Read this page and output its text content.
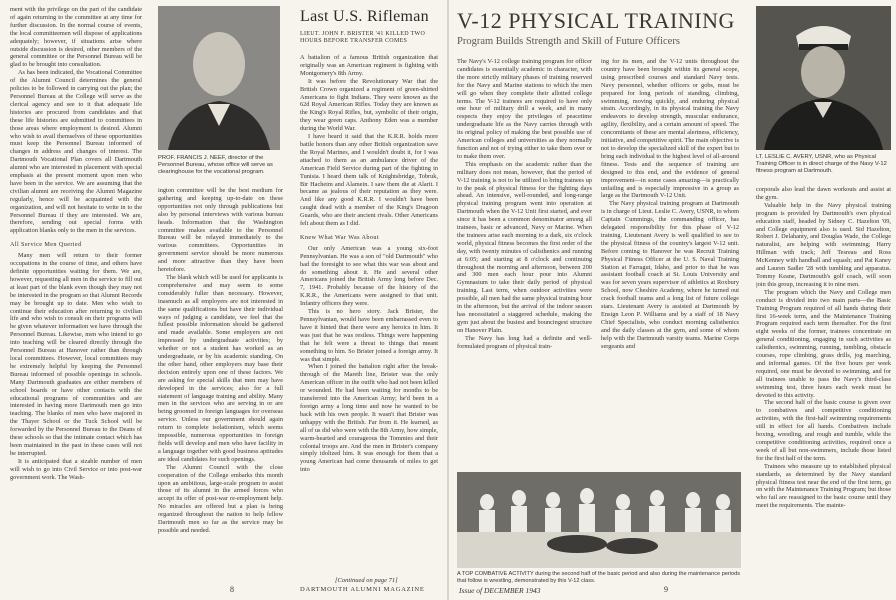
ment with the privilege on the part of the candidate of again returning to the committee at any time for further discussion. In the normal course of events, the local committeemen will dispose of applications adequately; however, if situations arise where outside discussion is desired, other members of the general committee or the Personnel Bureau will be glad to be brought into consultation.

As has been indicated, the Vocational Committee of the Alumni Council determines the general policies to be followed in carrying out the plan; the Personnel Bureau at the College will serve as the clerical agency and see to it that adequate life histories are procured from candidates and that these life histories are submitted to committees in those areas where employment is desired. Alumni who wish to avail themselves of these opportunities must keep the Personnel Bureau informed of changes in address and changes of interest. The Dartmouth Vocational Plan covers all Dartmouth alumni who are interested in placement with special emphasis at the present moment upon men who have been in the service. We are assuming that the civilian alumni are receiving the Alumni Magazine regularly, hence will be acquainted with the organization, and will not hesitate to write in to the Personnel Bureau if they are interested. We are, therefore, sending out special forms with application blanks only to the men in the services.

All Service Men Queried

Many men will return to their former occupations in the course of time, and others have definite opportunities waiting for them. We are, however, requesting all men in the service to fill out at least part of the blank even though they may not be interested in the program so that Alumni Records may be brought up to date. Men who wish to continue their education after returning to civilian life and who wish to consult on their programs will be given whatever information we have through the Personnel Bureau. Likewise, men who intend to go into teaching will be cleared directly through the Personnel Bureau at Hanover rather than through local committees. However, local committees may be extremely helpful by keeping the Personnel Bureau informed of possible openings in schools. Many Dartmouth graduates are either members of school boards or have other contacts with the educational programs of communities and are interested in having more Dartmouth men go into teaching. The blanks of men who have majored in the Thayer School or the Tuck School will be forwarded by the Personnel Bureau to the Deans of these schools so that the intimate contact which has been maintained in the past in these cases will not be interrupted.

It is anticipated that a sizable number of men will wish to go into Civil Service or into post-war government work. The Wash-

PROF. FRANCIS J. NEEF, director of the Personnel Bureau, whose office will serve as clearinghouse for the vocational program.

ington committee will be the best medium for gathering and keeping up-to-date on these opportunities not only through publications but also by personal interviews with various bureau heads. Information that the Washington committee makes available to the Personnel Bureau will be relayed immediately to the various committees. Opportunities in government service should be more numerous and more attractive than they have been heretofore.

The blank which will be used for applicants is comprehensive and may seem to some considerably fuller than necessary. However, inasmuch as all employers are not interested in the same qualifications but have their individual ways of judging a candidate, we feel that the fullest possible information should be gathered and made available. Some employers are not impressed by undergraduate activities; by whether or not a student has worked as an undergraduate, or by his academic standing. On the other hand, other employers may base their decision entirely upon one of these factors. We are asking for special skills that men may have developed in the services; also for a full statement of language training and ability. Many men in the services who are serving in or are being groomed in foreign languages for overseas service. Unless our government should again return to complete isolationism, which seems impossible, numerous opportunities in foreign fields will develop and men who have facility in a language together with good business aptitudes are ideal candidates for such openings.

The Alumni Council with the close cooperation of the College embarks this month upon an ambitious, large-scale program to assist those of its alumni in the armed forces who accept its offer of post-war re-employment help. No miracles are offered but a plan is being organized throughout the nation to help fellow Dartmouth men so far as the service may be possible and needed.

Last U.S. Rifleman
LIEUT. JOHN F. BRISTER '41 KILLED TWO HOURS BEFORE TRANSFER COMES

A battalion of a famous British organization that originally was an American regiment is fighting with Montgomery's 8th Army.

It was before the Revolutionary War that the British Crown organized a regiment of green-shirted Americans to fight Indians. They were known as the 62d Royal American Rifles. Today they are known as the King's Royal Rifles, but, symbolic of their origin, they wear green caps. Anthony Eden was a member during the World War.

I have heard it said that the K.R.R. holds more battle honors than any other British organization save the Royal Marines, and I wouldn't doubt it, for I was attached to them as an ambulance driver of the American Field Service during part of the fighting in Tunisia. I heard them talk of Knightsbridge, Tobruk, Bir Hacheim and Alamein. I saw them die at Alarit. I became as jealous of their reputation as they were. And like any good K.R.R. I wouldn't have been caught dead with a member of the King's Dragoon Guards, who are their ancient rivals. Other Americans felt about them as I did.

Knew What War Was About

Our only American was a young six-foot Pennsylvanian. He was a son of "old Dartmouth" who had the foresight to see what this war was about and do something about it. He and several other Americans joined the British Army long before Dec. 7, 1941. Probably because of the history of the K.R.R., the Americans were assigned to that unit. Infantry officers they were.

This is no hero story. Jack Brister, the Pennsylvanian, would have been embarrassed even to have it hinted that there were any heroics in him. It was just that he was restless. Things were happening that he felt were a threat to things that meant something to him. So Brister joined a foreign army. It was that simple.

When I joined the battalion right after the break-through of the Mareth line, Brister was the only American officer in the outfit who had not been killed or wounded. He had been waiting for months to be transferred into the American Army; he'd been in a foreign army a long time and now he wanted to be back with his own people. It wasn't that Brister was unhappy with the British. Far from it. He learned, as all of us did who were with the 8th Army, how simple, warm-hearted and courageous the Tommies and their colonial troops are. And the men in Brister's company simply idolized him. It was enough for them that a young American had come thousands of miles to get into

[Continued on page 71]
8	DARTMOUTH ALUMNI MAGAZINE
V-12 PHYSICAL TRAINING
Program Builds Strength and Skill of Future Officers

The Navy's V-12 college training program for officer candidates is essentially academic in character, with the more strictly military phases of training reserved for the Navy and Marine stations to which the men will go when they complete their allotted college terms. The V-12 trainees are required to have only one hour of military drill a week, and in many respects they enjoy the privileges of peacetime undergraduate life as the Navy carries through with its original policy of making the best possible use of American colleges and universities as they normally function and not of trying either to take them over or to make them over.

This emphasis on the academic rather than the military does not mean, however, that the period of V-12 training is not to be utilized to bring trainees up to the peak of physical fitness for the fighting days ahead. An intensive, well-rounded, and long-range physical training program went into operation at Dartmouth when the V-12 Unit first started, and ever since it has been a common denominator among all trainees, basic or advanced, Navy or Marine. When the trainees arise each morning to a dark, six o'clock world, physical fitness becomes the first order of the day, with twenty minutes of calisthenics and running at 6:05; and starting at 8 o'clock and continuing throughout the morning and afternoon, between 200 and 300 men each hour pour into Alumni Gymnasium to take their daily period of physical training. Last term, when outdoor activities were possible, all men had the same physical training hour in the afternoon, but the arrival of the indoor season has necessitated a staggered schedule, making the gym just about the busiest and bouncingest structure on Hanover Plain.

The Navy has long had a definite and well-formulated program of physical train-

ing for its men, and the V-12 units throughout the country have been brought within its general scope, using prescribed courses and standard Navy tests. Navy personnel, whether officers or gobs, must be prepared for long periods of standing, climbing, swimming, moving quickly, and enduring physical strain. Accordingly, in its physical training the Navy endeavors to develop strength, muscular endurance, agility, flexibility, and a certain amount of speed. The concomitants of these are mental alertness, efficiency, initiative, and competitive spirit. The main objective is not to develop the specialized skill of the expert but to bring each individual to the highest level of all-around fitness. Tests and the sequence of training are designed to this end, and the evidence of general improvement—in some cases amazing—is practically unfailing and is especially impressive in a group as large as the Dartmouth V-12 Unit.

The Navy physical training program at Dartmouth is in charge of Lieut. Leslie C. Avery, USNR, to whom Captain Cummings, the commanding officer, has delegated responsibility for this phase of V-12 training. Lieutenant Avery is well qualified to see to the physical fitness of the country's largest V-12 unit. Before coming to Hanover he was Recruit Training Physical Fitness Officer at the U. S. Naval Training Station at Farragut, Idaho, and prior to that he was assistant football coach at St. Louis University and was for seven years supervisor of athletics at Roxbury School, now Cheshire Academy, where he turned out crack football teams and a long list of future college stars. Lieutenant Avery is assisted at Dartmouth by Ensign Leon P. Williams and by a staff of 18 Navy Chief Specialists, who conduct morning calisthenics and the daily classes at the gym, and some of whom help with the Dartmouth varsity teams. Marine Corps sergeants and

LT. LESLIE C. AVERY, USNR, who as Physical Training Officer is in direct charge of the Navy V-12 fitness program at Dartmouth.

corporals also lead the dawn workouts and assist at the gym.

Valuable help in the Navy physical training program is provided by Dartmouth's own physical education staff, headed by Sidney C. Hazelton '09, and College equipment also is used. Sid Hazelton, Robert J. Delahanty, and Douglas Wade, the College naturalist, are helping with swimming; Harry Hillman with track; Jeff Tesreau and Ross McKenney with handball and squash; and Pat Kaney and Lauren Sadler '28 with tumbling and apparatus. Tommy Keane, Dartmouth's golf coach, will soon join this group, increasing it to nine men.

The program which the Navy and College men conduct is divided into two main parts—the Basic Training Program required of all hands during their first 16-week term, and the Maintenance Training Program required each term thereafter. For the first eight weeks of the former, trainees concentrate on general conditioning, engaging in such activities as calisthenics, swimming, running, tumbling, obstacle courses, rope climbing, grass drills, jog marching, and informal games. Of the five hours per week required, one must be devoted to swimming, and for all trainees unable to pass the Navy's third-class swimming test, three hours each week must be devoted to this activity.

The second half of the basic course is given over to combatives and competitive conditioning activities, with the first-half swimming requirements still in effect for all hands. Combatives include boxing, wrestling, and rough and tumble, while the competitive conditioning activities, required once a week of all but non-swimmers, include those listed for the first half of the term.

Trainees who measure up to established physical standards, as determined by the Navy standard physical fitness test near the end of the first term, go on with the Maintenance Training Program; but those who fail are reassigned to the basic course until they meet the requirements. The mainte-

A TOP COMBATIVE ACTIVITY during the second half of the basic period and also during the maintenance periods that follow is wrestling, demonstrated by this V-12 class.
Issue of DECEMBER 1943	9
